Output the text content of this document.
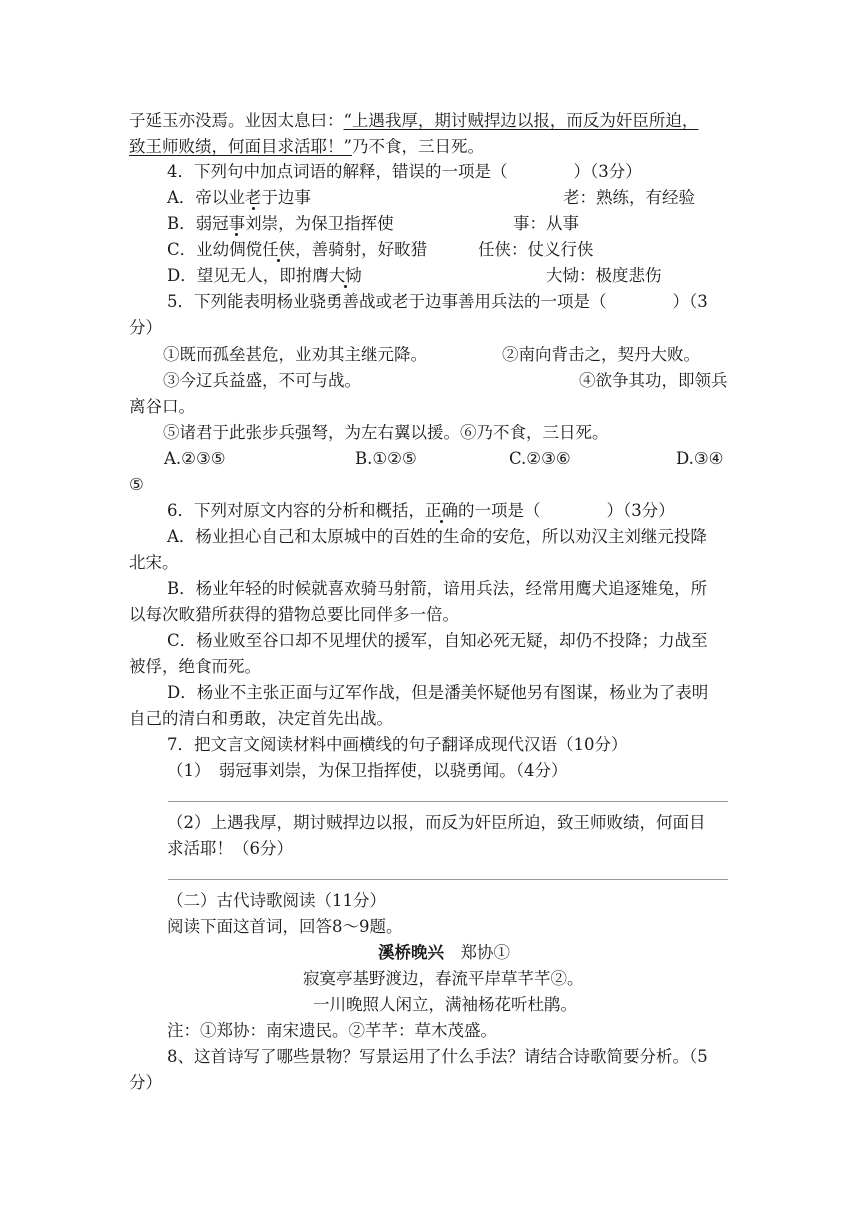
子延玉亦没焉。业因太息曰：“上遇我厚，期讨贼捍边以报，而反为奸臣所迫，
致王师败绩，何面目求活耶！”乃不食，三日死。
4．下列句中加点词语的解释，错误的一项是（　　　　）（3分）
A．帝以业老于边事	老：熟练，有经验
B．弱冠事刘崇，为保卫指挥使	事：从事
C．业幼倜傥任侠，善骑射，好畋猎	任侠：仗义行侠
D．望见无人，即拊膺大恸	大恸：极度悲伤
5．下列能表明杨业骁勇善战或老于边事善用兵法的一项是（　　　　）（3
分）
①既而孤垒甚危，业劝其主继元降。	②南向背击之，契丹大败。
③今辽兵益盛，不可与战。	④欲争其功，即领兵
离谷口。
⑤诸君于此张步兵强弩，为左右翼以援。⑥乃不食，三日死。
A.②③⑤	B.①②⑤	C.②③⑥	D.③④
⑤
6．下列对原文内容的分析和概括，正确的一项是（　　　　）（3分）
A．杨业担心自己和太原城中的百姓的生命的安危，所以劝汉主刘继元投降
北宋。
B．杨业年轻的时候就喜欢骑马射箭，谙用兵法，经常用鹰犬追逐雉兔，所
以每次畋猎所获得的猎物总要比同伴多一倍。
C．杨业败至谷口却不见埋伏的援军，自知必死无疑，却仍不投降；力战至
被俘，绝食而死。
D．杨业不主张正面与辽军作战，但是潘美怀疑他另有图谋，杨业为了表明
自己的清白和勇敢，决定首先出战。
7．把文言文阅读材料中画横线的句子翻译成现代汉语（10分）
（1）　弱冠事刘崇，为保卫指挥使，以骁勇闻。（4分）
（2）上遇我厚，期讨贼捍边以报，而反为奸臣所迫，致王师败绩，何面目
求活耶！（6分）
（二）古代诗歌阅读（11分）
阅读下面这首词，回答8～9题。
溪桥晚兴　 郑协①
寂寞亭基野渡边，春流平岸草芊芊②。
一川晚照人闲立，满袖杨花听杜鹃。
注：①郑协：南宋遗民。②芊芊：草木茂盛。
8、这首诗写了哪些景物？写景运用了什么手法？请结合诗歌简要分析。（5
分）
